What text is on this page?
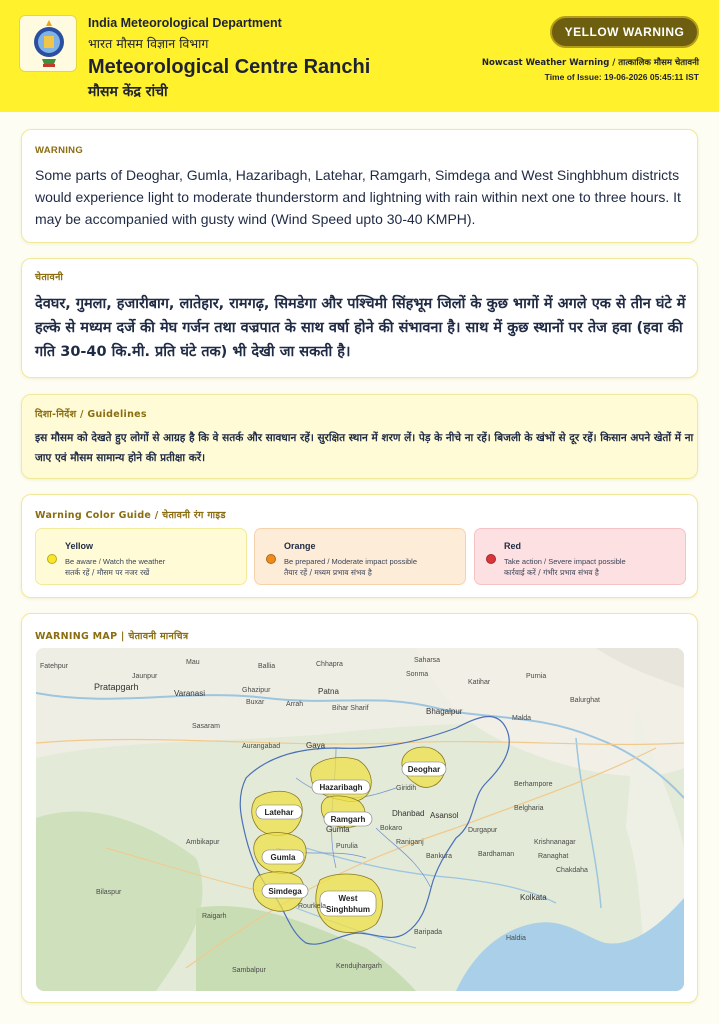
India Meteorological Department
भारत मौसम विज्ञान विभाग
Meteorological Centre Ranchi
मौसम केंद्र रांची
YELLOW WARNING
Nowcast Weather Warning / तात्कालिक मौसम चेतावनी
Time of Issue: 19-06-2026 05:45:11 IST
WARNING
Some parts of Deoghar, Gumla, Hazaribagh, Latehar, Ramgarh, Simdega and West Singhbhum districts would experience light to moderate thunderstorm and lightning with rain within next one to three hours. It may be accompanied with gusty wind (Wind Speed upto 30-40 KMPH).
चेतावनी
देवघर, गुमला, हजारीबाग, लातेहार, रामगढ़, सिमडेगा और पश्चिमी सिंहभूम जिलों के कुछ भागों में अगले एक से तीन घंटे में हल्के से मध्यम दर्जे की मेघ गर्जन तथा वज्रपात के साथ वर्षा होने की संभावना है। साथ में कुछ स्थानों पर तेज हवा (हवा की गति 30-40 कि.मी. प्रति घंटे तक) भी देखी जा सकती है।
दिशा-निर्देश / Guidelines
इस मौसम को देखते हुए लोगों से आग्रह है कि वे सतर्क और सावधान रहें। सुरक्षित स्थान में शरण लें। पेड़ के नीचे ना रहें। बिजली के खंभों से दूर रहें। किसान अपने खेतों में ना जाए एवं मौसम सामान्य होने की प्रतीक्षा करें।
Warning Color Guide / चेतावनी रंग गाइड
Yellow
Be aware / Watch the weather
सतर्क रहें / मौसम पर नजर रखें
Orange
Be prepared / Moderate impact possible
तैयार रहें / मध्यम प्रभाव संभव है
Red
Take action / Severe impact possible
कार्रवाई करें / गंभीर प्रभाव संभव है
WARNING MAP | चेतावनी मानचित्र
Deoghar
Hazaribagh
Ramgarh
Latehar
Gumla
Simdega
West
Singhbhum
Fatehpur
Mau
Ballia	Chhapra
Saharsa
Purnia
Pratapgarh
Varanasi	Ghazipur
Buxar	Arrah
Patna
Sonma
Katihar
Jaunpur
Bihar Sharif	Bhagalpur
Malda
Balurghat
Sasaram
Aurangabad	Gaya
Gumla
Berhampore
Dhanbad
Bokaro
Giridih
Durgapur
Asansol
Bankura	Bardhaman
Kolkata
Haldia
Ambikapur
Bilaspur
Raigarh
Rourkela
Baripada
Sambalpur
Kendujhargarh
Krishnanagar
Ranaghat
Belgharia
Chakdaha
Raniganj
Purulia
